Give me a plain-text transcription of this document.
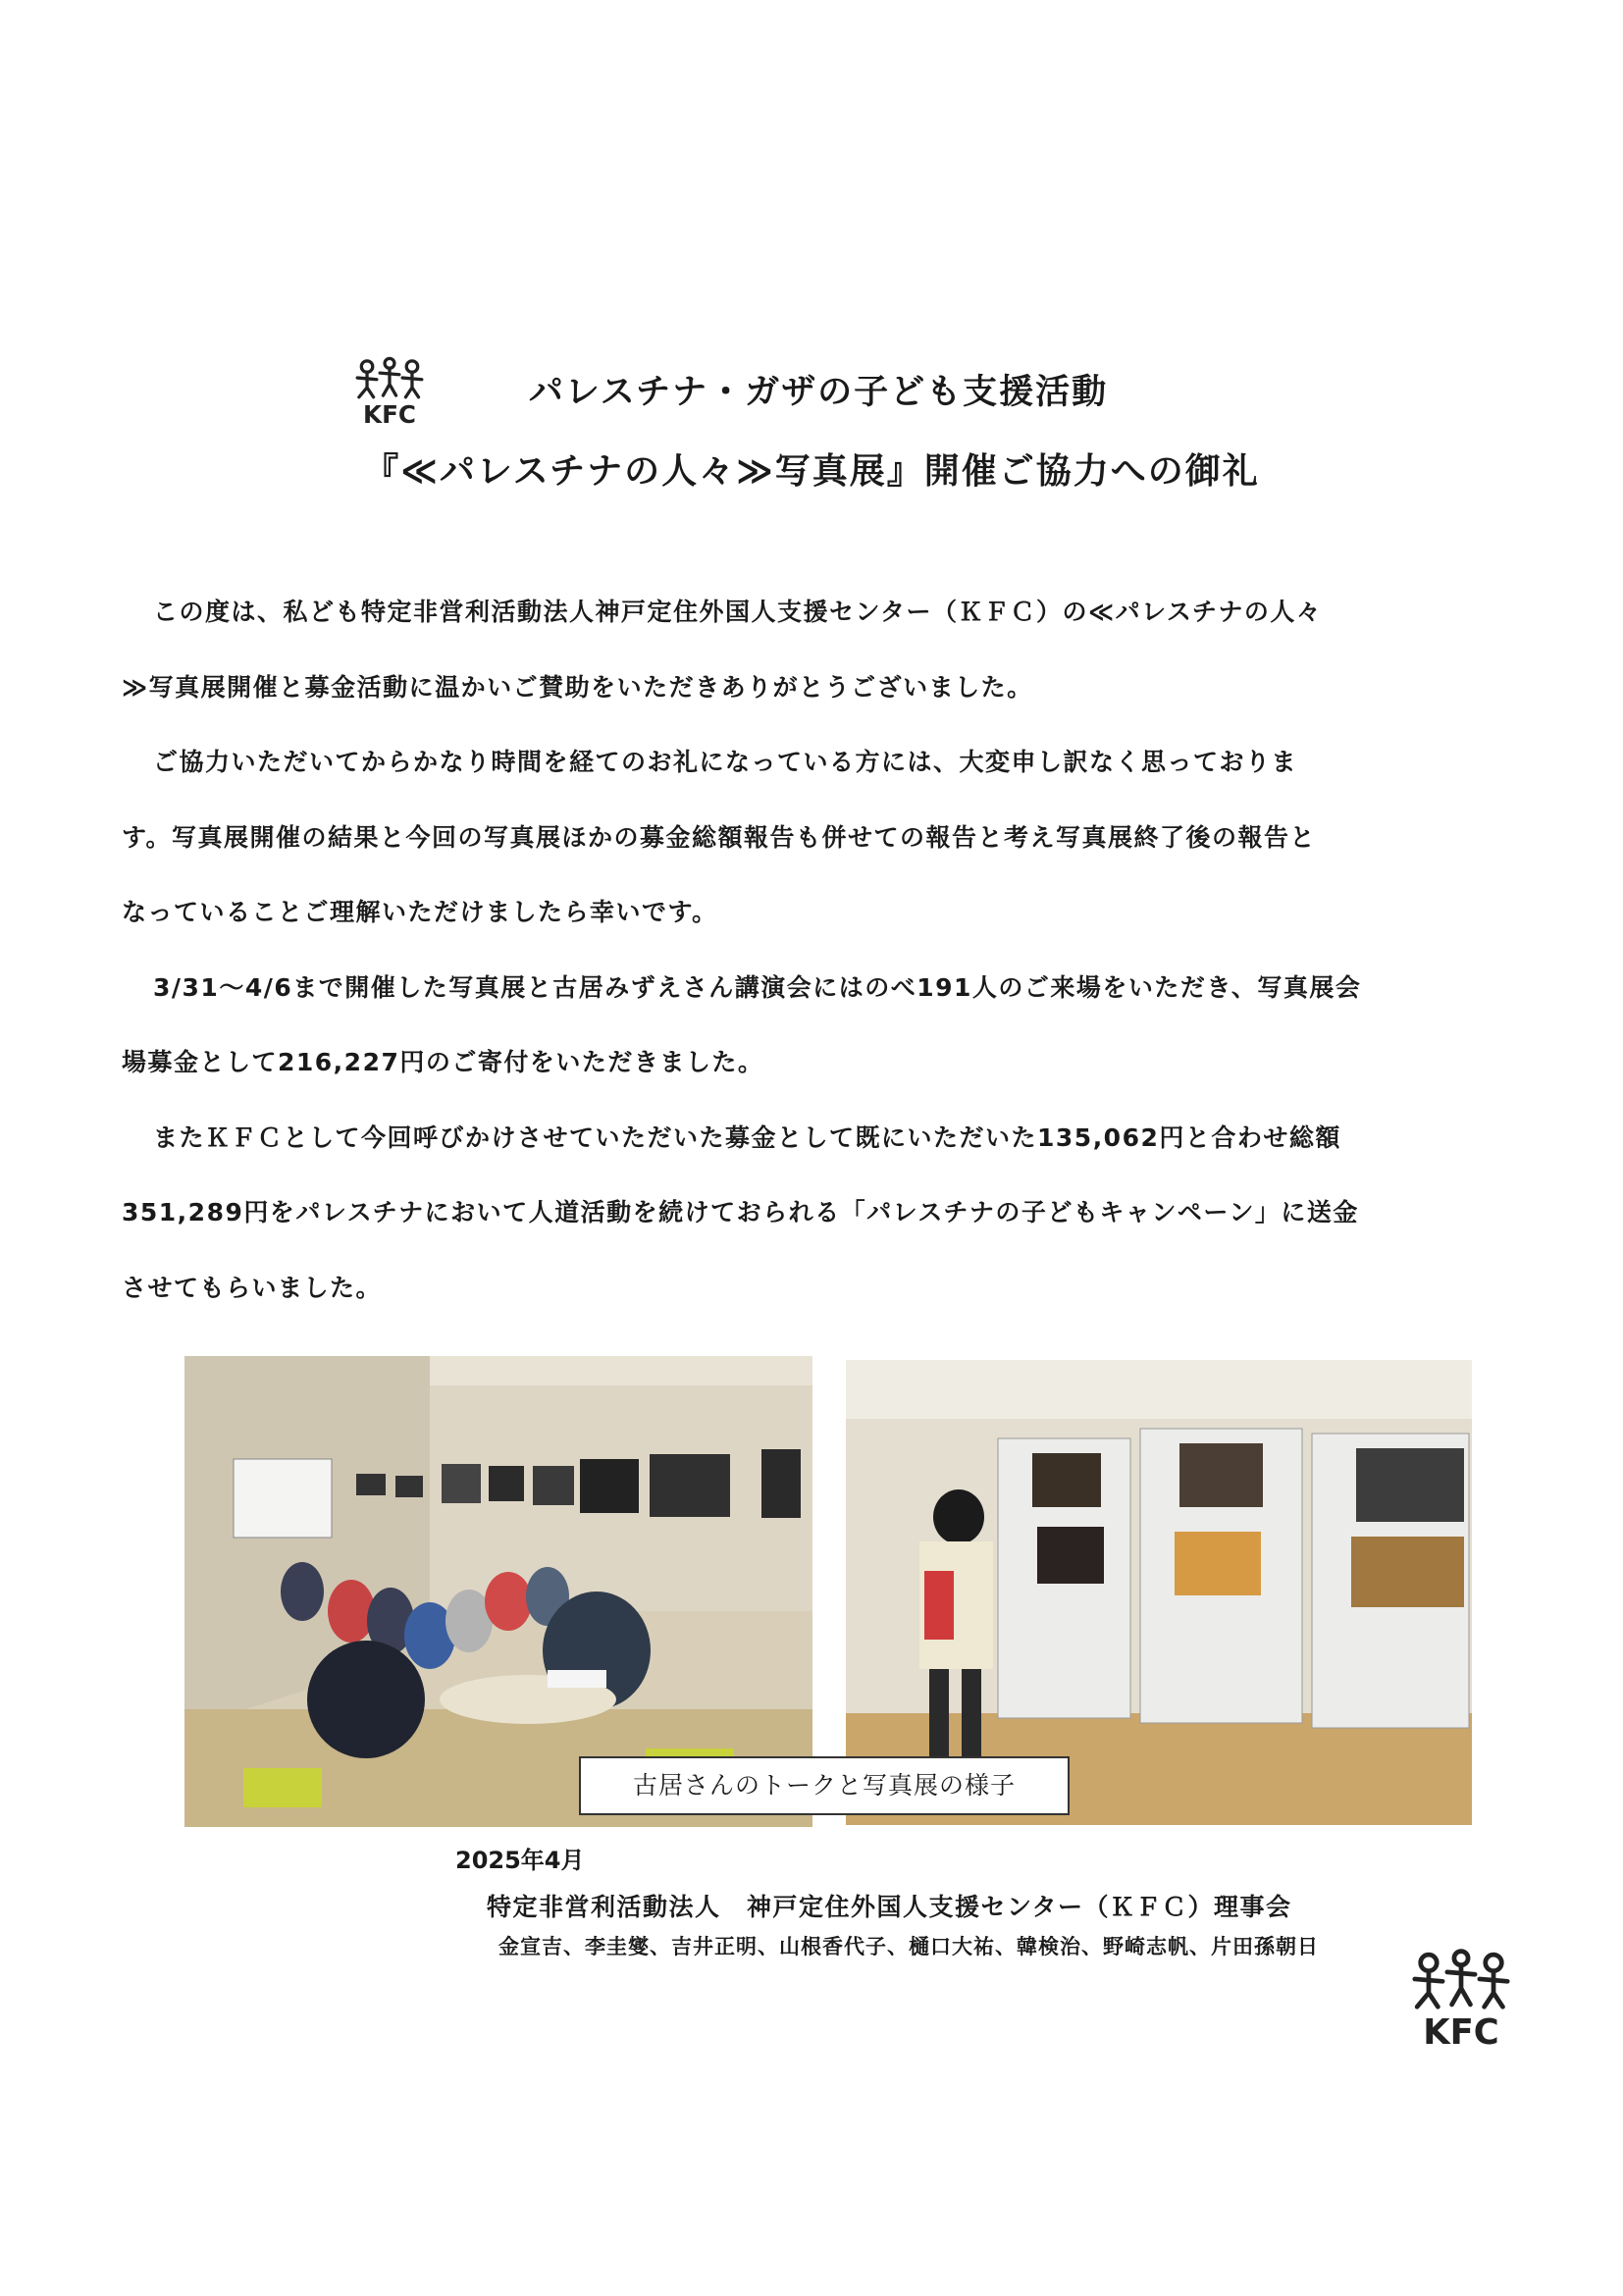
KFC
パレスチナ・ガザの子ども支援活動
『≪パレスチナの人々≫写真展』開催ご協力への御礼
この度は、私ども特定非営利活動法人神戸定住外国人支援センター（ＫＦＣ）の≪パレスチナの人々
≫写真展開催と募金活動に温かいご賛助をいただきありがとうございました。
ご協力いただいてからかなり時間を経てのお礼になっている方には、大変申し訳なく思っておりま
す。写真展開催の結果と今回の写真展ほかの募金総額報告も併せての報告と考え写真展終了後の報告と
なっていることご理解いただけましたら幸いです。
3/31～4/6まで開催した写真展と古居みずえさん講演会にはのべ191人のご来場をいただき、写真展会
場募金として216,227円のご寄付をいただきました。
またＫＦＣとして今回呼びかけさせていただいた募金として既にいただいた135,062円と合わせ総額
351,289円をパレスチナにおいて人道活動を続けておられる「パレスチナの子どもキャンペーン」に送金
させてもらいました。
古居さんのトークと写真展の様子
2025年4月
特定非営利活動法人　神戸定住外国人支援センター（ＫＦＣ）理事会
金宣吉、李圭燮、吉井正明、山根香代子、樋口大祐、韓検治、野崎志帆、片田孫朝日
KFC
